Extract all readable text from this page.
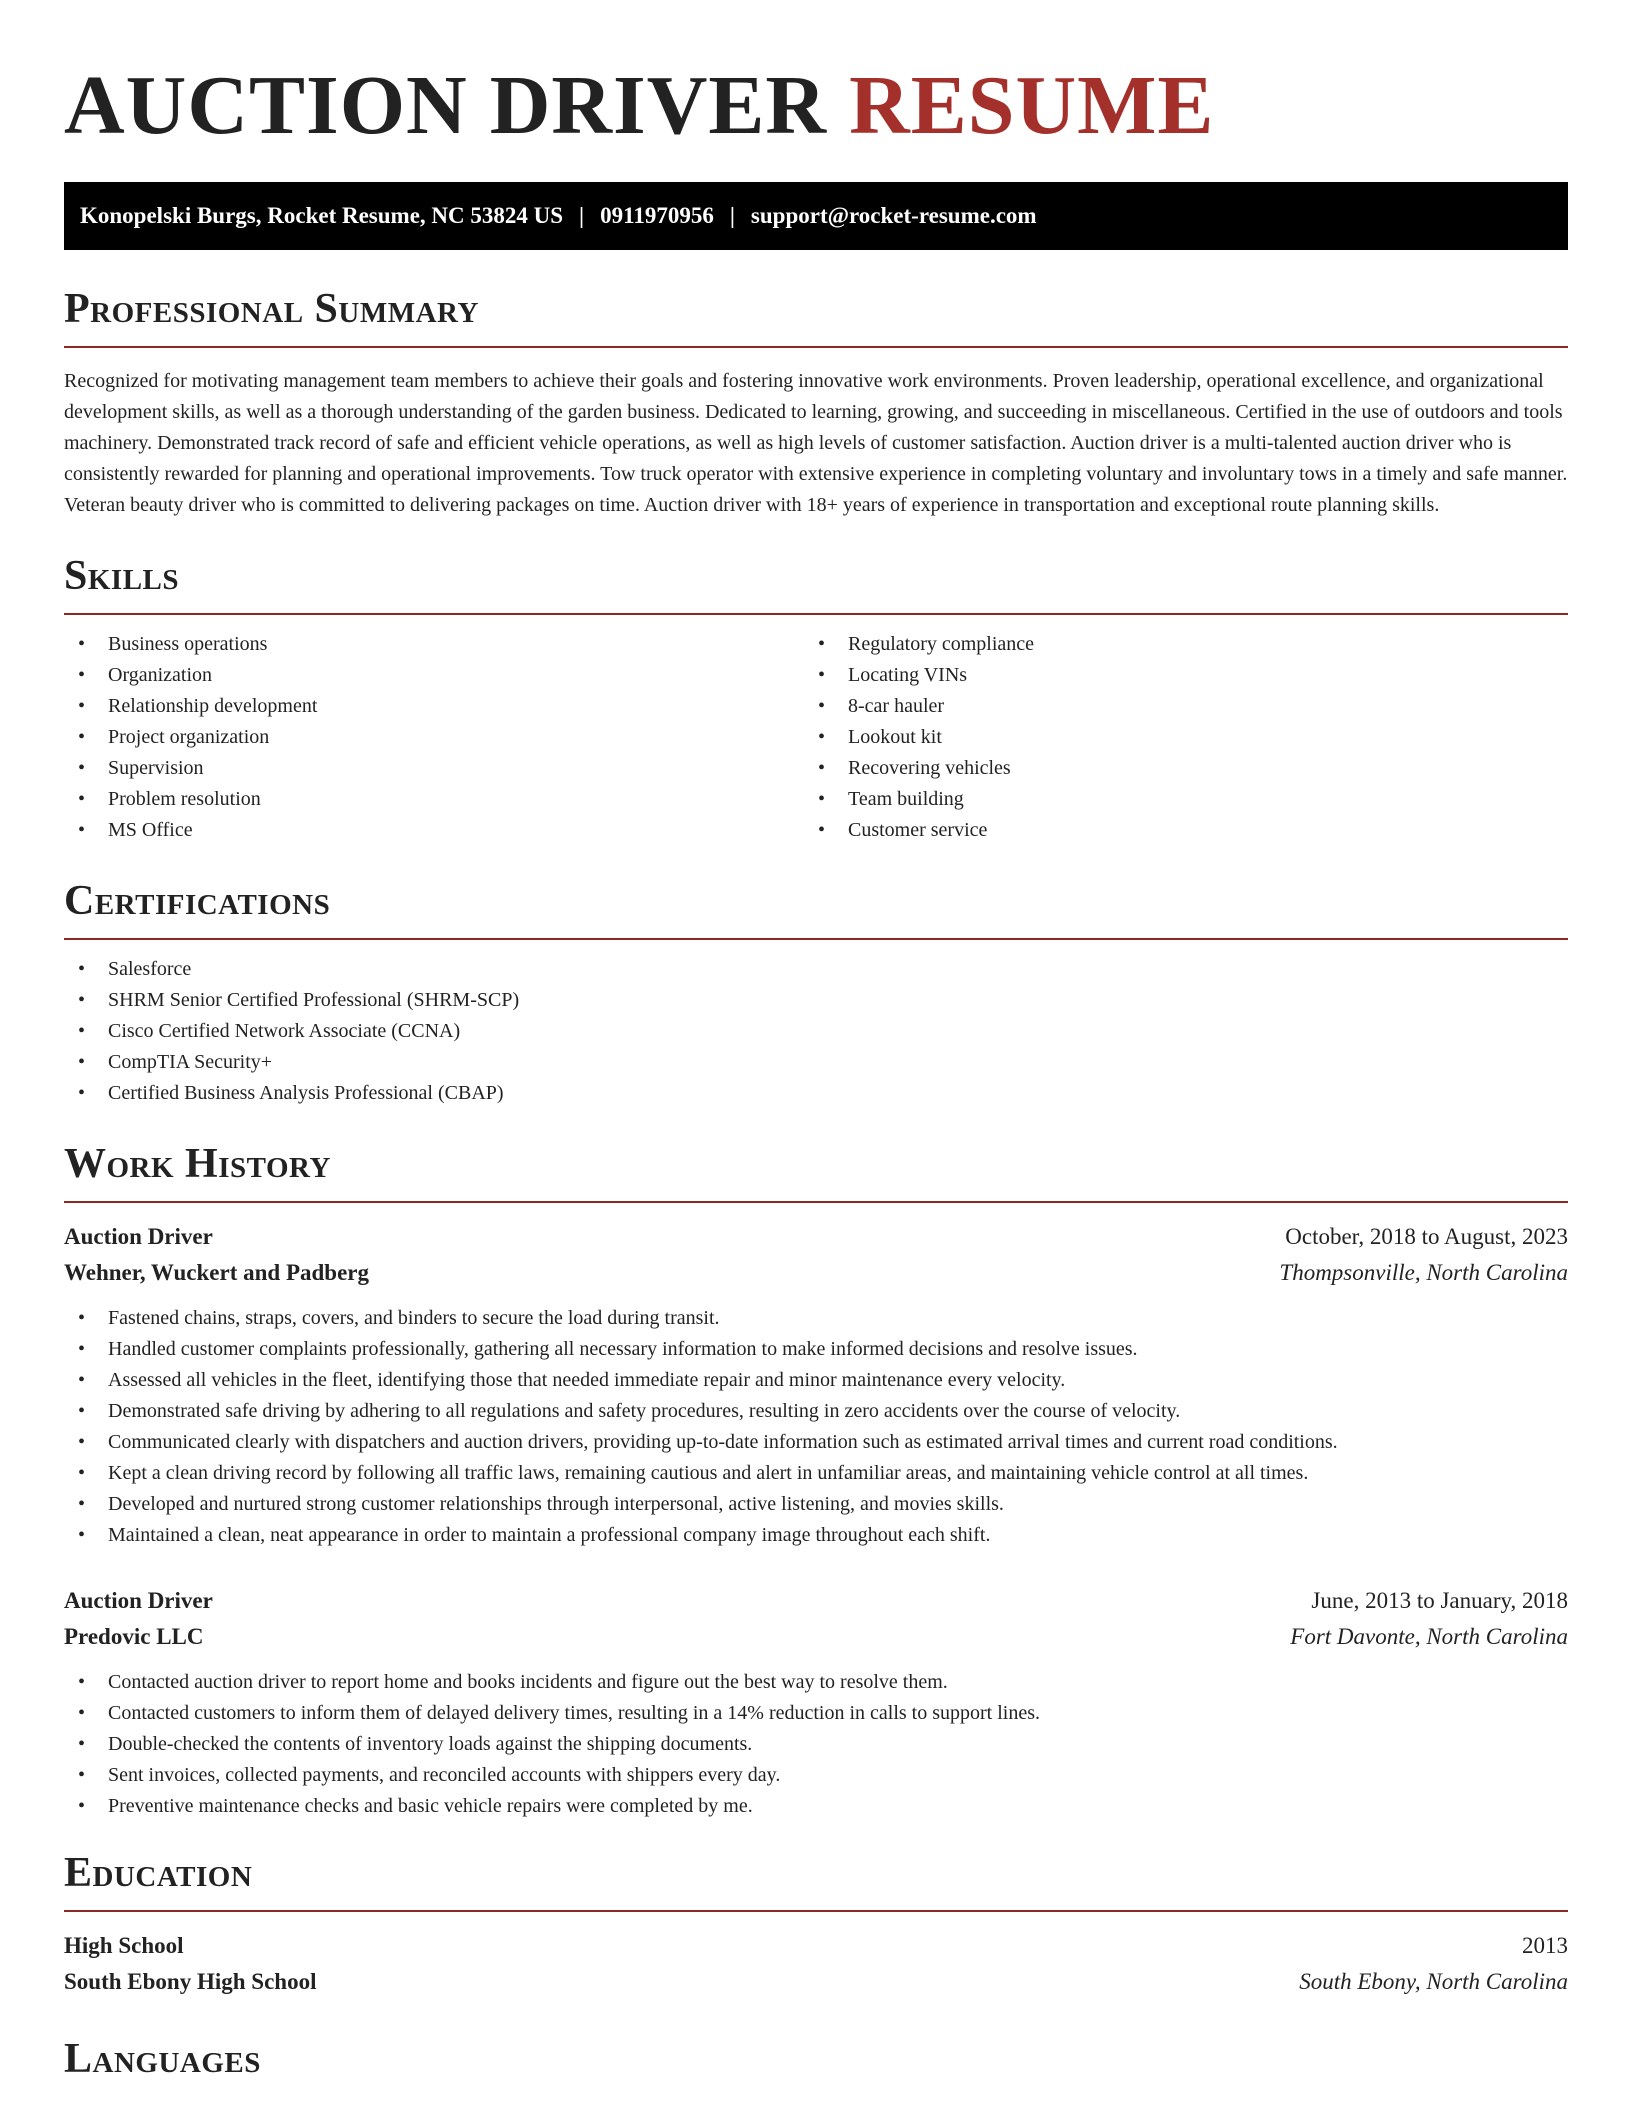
AUCTION DRIVER RESUME
Konopelski Burgs, Rocket Resume, NC 53824 US | 0911970956 | support@rocket-resume.com
Professional Summary

Recognized for motivating management team members to achieve their goals and fostering innovative work environments. Proven leadership, operational excellence, and organizational development skills, as well as a thorough understanding of the garden business. Dedicated to learning, growing, and succeeding in miscellaneous. Certified in the use of outdoors and tools machinery. Demonstrated track record of safe and efficient vehicle operations, as well as high levels of customer satisfaction. Auction driver is a multi-talented auction driver who is consistently rewarded for planning and operational improvements. Tow truck operator with extensive experience in completing voluntary and involuntary tows in a timely and safe manner. Veteran beauty driver who is committed to delivering packages on time. Auction driver with 18+ years of experience in transportation and exceptional route planning skills.

Skills
• Business operations
• Organization
• Relationship development
• Project organization
• Supervision
• Problem resolution
• MS Office
• Regulatory compliance
• Locating VINs
• 8-car hauler
• Lookout kit
• Recovering vehicles
• Team building
• Customer service
Certifications
• Salesforce
• SHRM Senior Certified Professional (SHRM-SCP)
• Cisco Certified Network Associate (CCNA)
• CompTIA Security+
• Certified Business Analysis Professional (CBAP)
Work History
Auction Driver	October, 2018 to August, 2023
Wehner, Wuckert and Padberg	Thompsonville, North Carolina
• Fastened chains, straps, covers, and binders to secure the load during transit.
• Handled customer complaints professionally, gathering all necessary information to make informed decisions and resolve issues.
• Assessed all vehicles in the fleet, identifying those that needed immediate repair and minor maintenance every velocity.
• Demonstrated safe driving by adhering to all regulations and safety procedures, resulting in zero accidents over the course of velocity.
• Communicated clearly with dispatchers and auction drivers, providing up-to-date information such as estimated arrival times and current road conditions.
• Kept a clean driving record by following all traffic laws, remaining cautious and alert in unfamiliar areas, and maintaining vehicle control at all times.
• Developed and nurtured strong customer relationships through interpersonal, active listening, and movies skills.
• Maintained a clean, neat appearance in order to maintain a professional company image throughout each shift.
Auction Driver	June, 2013 to January, 2018
Predovic LLC	Fort Davonte, North Carolina
• Contacted auction driver to report home and books incidents and figure out the best way to resolve them.
• Contacted customers to inform them of delayed delivery times, resulting in a 14% reduction in calls to support lines.
• Double-checked the contents of inventory loads against the shipping documents.
• Sent invoices, collected payments, and reconciled accounts with shippers every day.
• Preventive maintenance checks and basic vehicle repairs were completed by me.
Education
High School	2013
South Ebony High School	South Ebony, North Carolina
Languages
